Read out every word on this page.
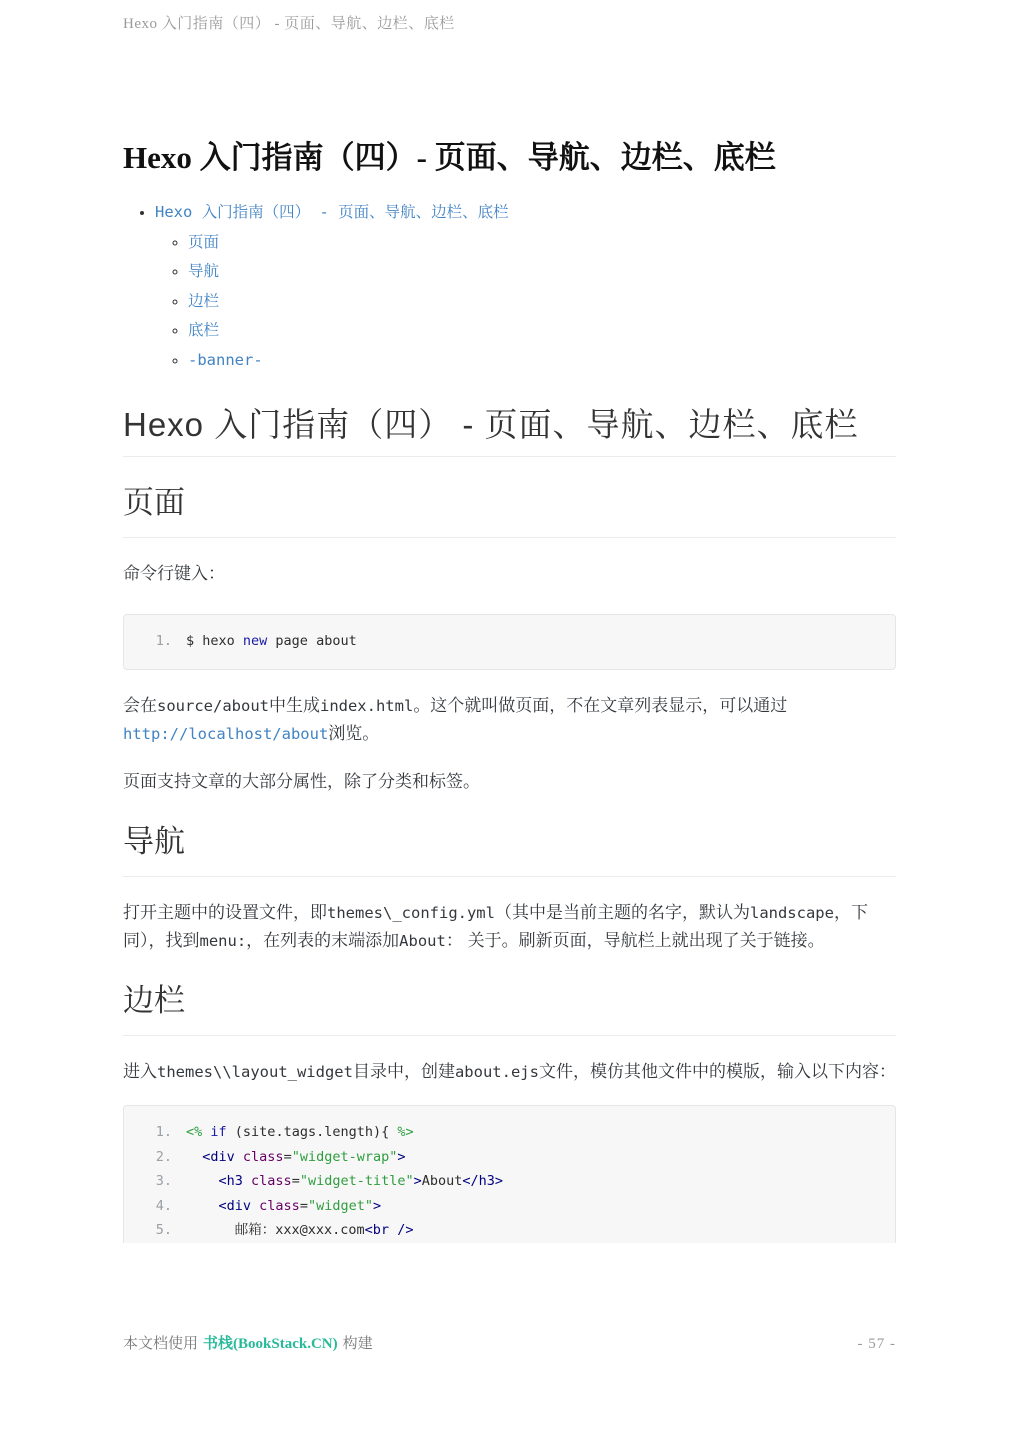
Hexo 入门指南（四） - 页面、导航、边栏、底栏
Hexo 入门指南（四）- 页面、导航、边栏、底栏
• Hexo 入门指南（四） - 页面、导航、边栏、底栏
◦ 页面
◦ 导航
◦ 边栏
◦ 底栏
◦ -banner-
Hexo 入门指南（四） - 页面、导航、边栏、底栏
页面

命令行键入：

1. $ hexo new page about

会在source/about中生成index.html。这个就叫做页面，不在文章列表显示，可以通过http://localhost/about浏览。

页面支持文章的大部分属性，除了分类和标签。

导航

打开主题中的设置文件，即themes\_config.yml（其中是当前主题的名字，默认为landscape，下同），找到menu:，在列表的末端添加About： 关于。刷新页面，导航栏上就出现了关于链接。

边栏

进入themes\\layout_widget目录中，创建about.ejs文件，模仿其他文件中的模版，输入以下内容：

1. <% if (site.tags.length){ %>
2.	<div class="widget-wrap">
3.	<h3 class="widget-title">About</h3>
4.	<div class="widget">
5. 邮箱：xxx@xxx.com<br />
本文档使用 书栈(BookStack.CN) 构建	- 57 -
